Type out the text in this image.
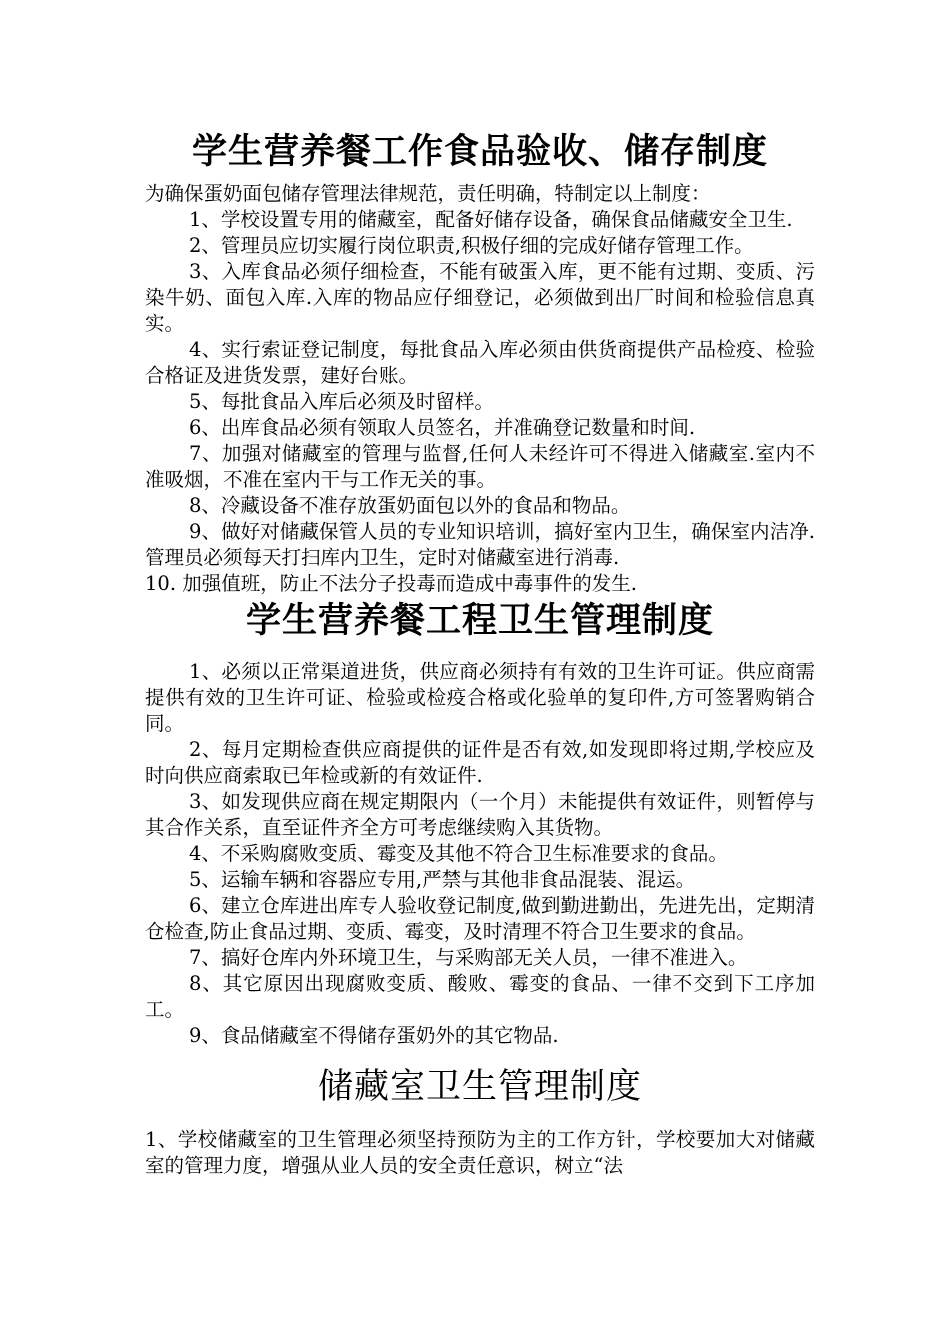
学生营养餐工作食品验收、储存制度

为确保蛋奶面包储存管理法律规范，责任明确，特制定以上制度：

1、学校设置专用的储藏室，配备好储存设备，确保食品储藏安全卫生.

2、管理员应切实履行岗位职责,积极仔细的完成好储存管理工作。

3、入库食品必须仔细检查，不能有破蛋入库，更不能有过期、变质、污染牛奶、面包入库.入库的物品应仔细登记，必须做到出厂时间和检验信息真实。

4、实行索证登记制度，每批食品入库必须由供货商提供产品检疫、检验合格证及进货发票，建好台账。

5、每批食品入库后必须及时留样。

6、出库食品必须有领取人员签名，并准确登记数量和时间.

7、加强对储藏室的管理与监督,任何人未经许可不得进入储藏室.室内不准吸烟，不准在室内干与工作无关的事。

8、冷藏设备不准存放蛋奶面包以外的食品和物品。

9、做好对储藏保管人员的专业知识培训，搞好室内卫生，确保室内洁净.管理员必须每天打扫库内卫生，定时对储藏室进行消毒.

10. 加强值班，防止不法分子投毒而造成中毒事件的发生.

学生营养餐工程卫生管理制度

1、必须以正常渠道进货，供应商必须持有有效的卫生许可证。供应商需提供有效的卫生许可证、检验或检疫合格或化验单的复印件,方可签署购销合同。

2、每月定期检查供应商提供的证件是否有效,如发现即将过期,学校应及时向供应商索取已年检或新的有效证件.

3、如发现供应商在规定期限内（一个月）未能提供有效证件，则暂停与其合作关系，直至证件齐全方可考虑继续购入其货物。

4、不采购腐败变质、霉变及其他不符合卫生标准要求的食品。

5、运输车辆和容器应专用,严禁与其他非食品混装、混运。

6、建立仓库进出库专人验收登记制度,做到勤进勤出，先进先出，定期清仓检查,防止食品过期、变质、霉变，及时清理不符合卫生要求的食品。

7、搞好仓库内外环境卫生，与采购部无关人员，一律不准进入。

8、其它原因出现腐败变质、酸败、霉变的食品、一律不交到下工序加工。

9、食品储藏室不得储存蛋奶外的其它物品.

储藏室卫生管理制度

1、学校储藏室的卫生管理必须坚持预防为主的工作方针，学校要加大对储藏室的管理力度，增强从业人员的安全责任意识，树立“法
